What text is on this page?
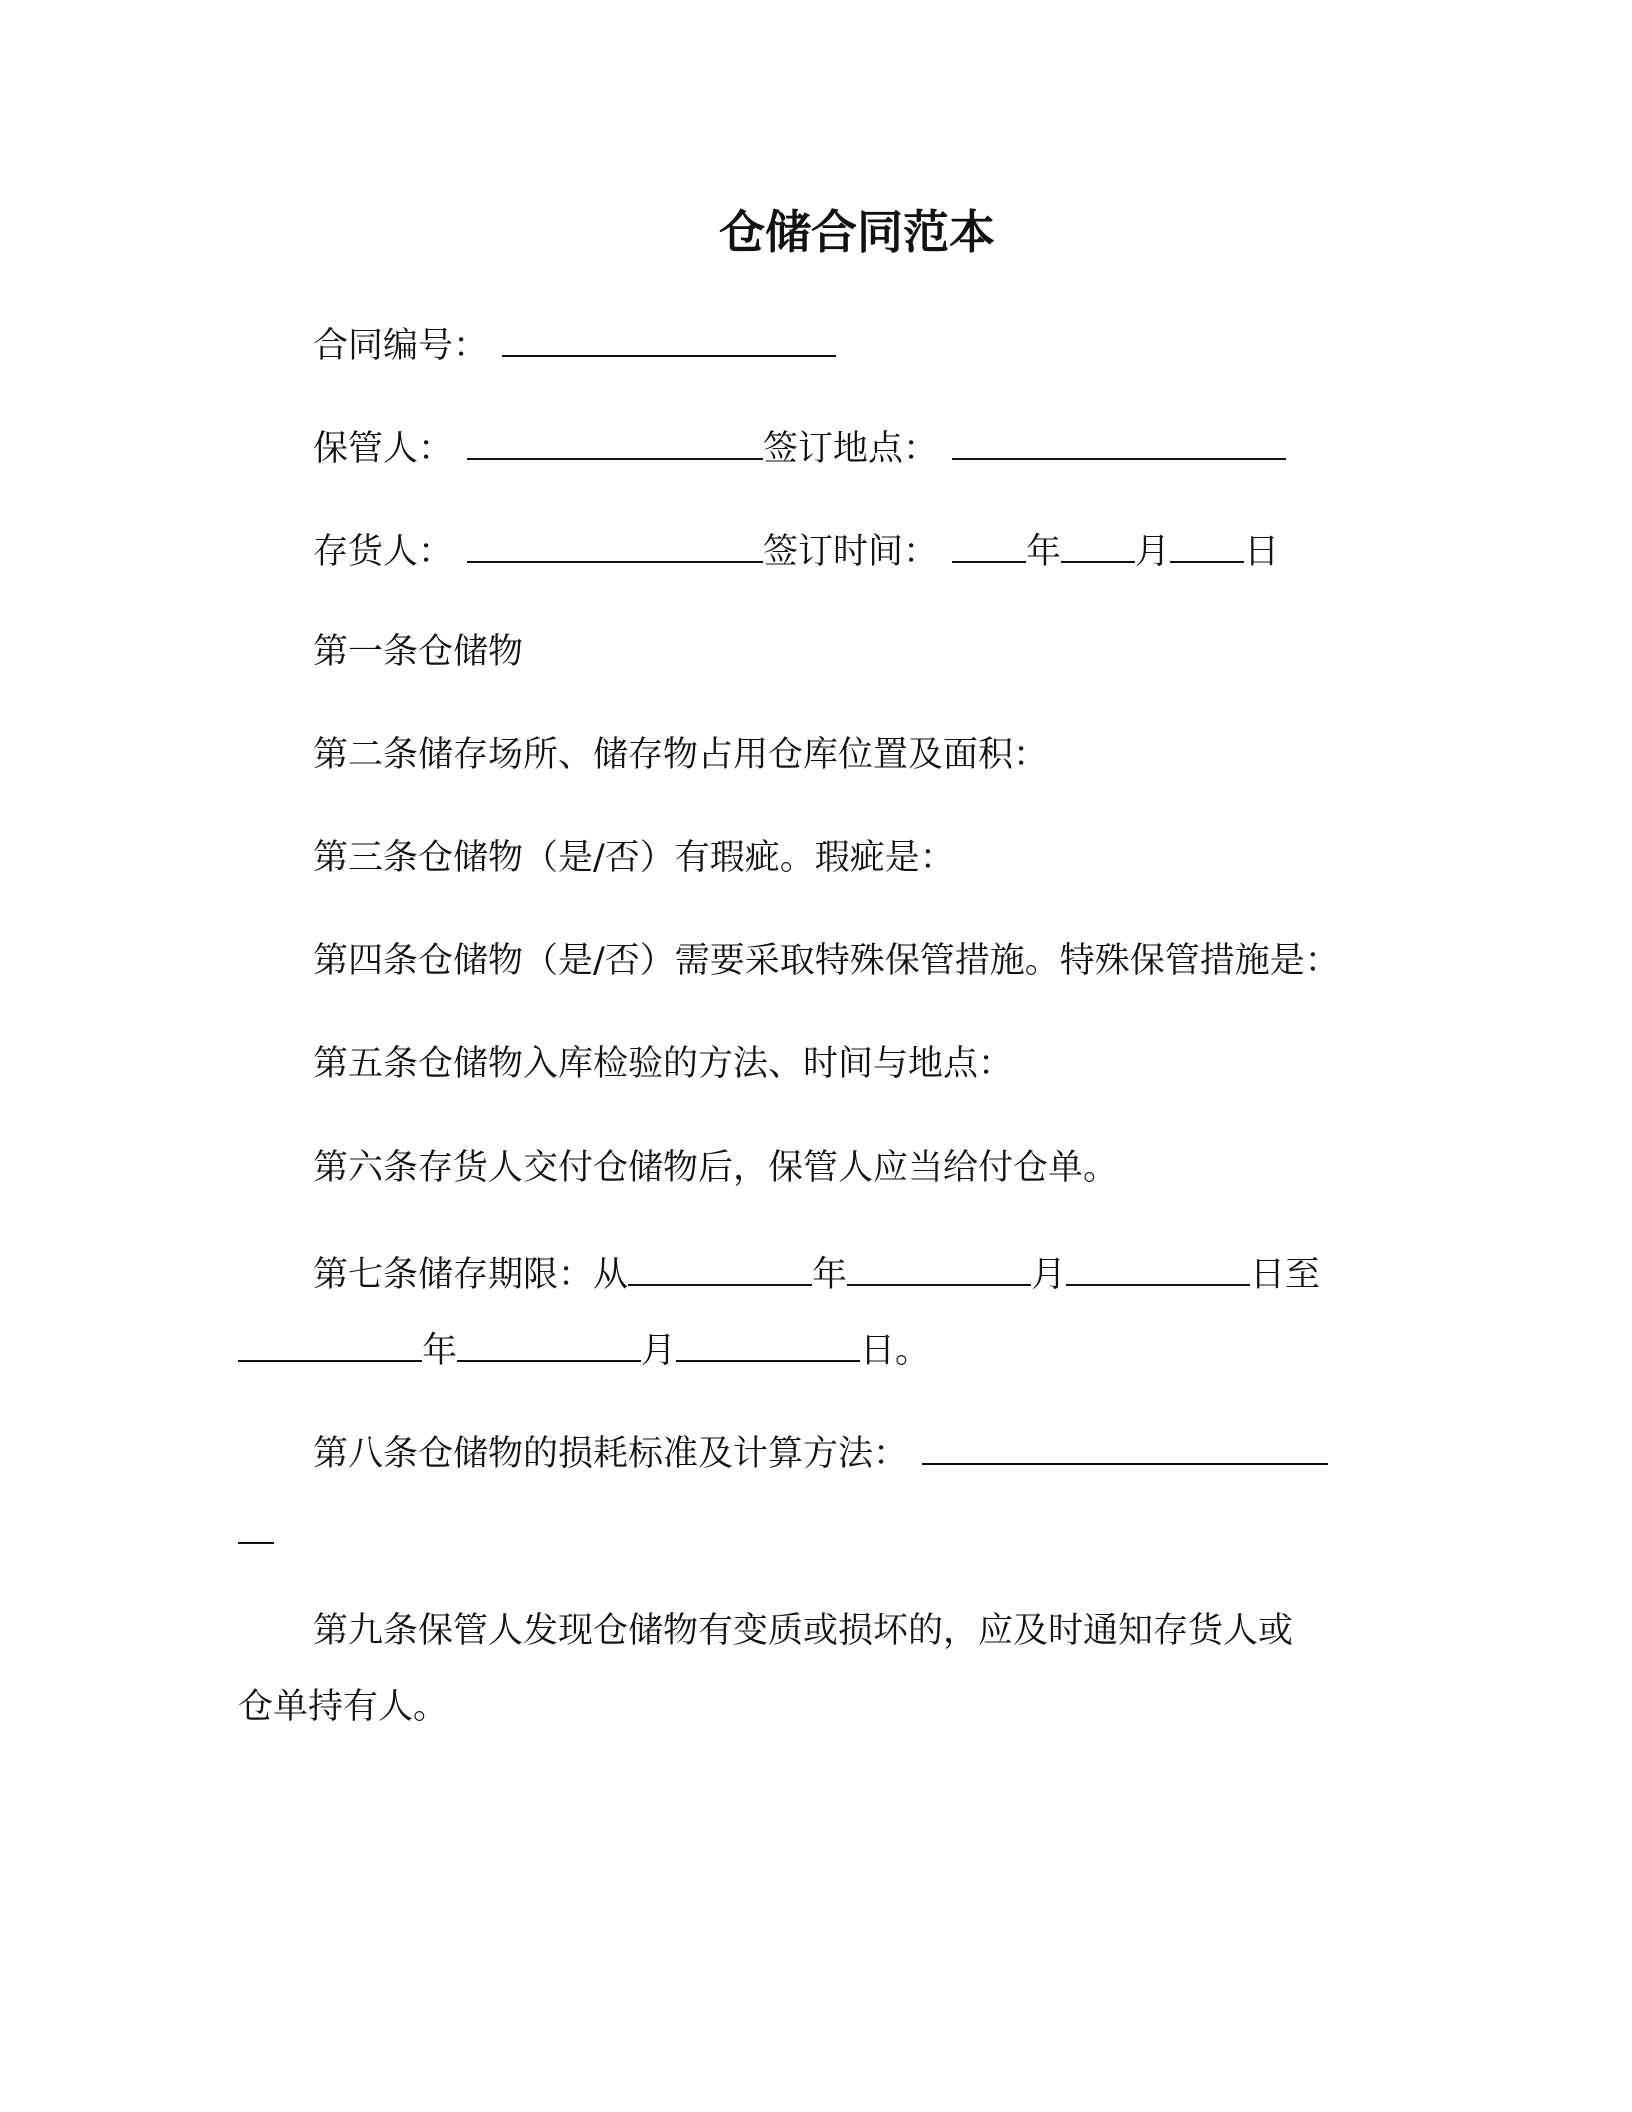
仓储合同范本
合同编号：
保管人：	签订地点：
存货人：	签订时间：	年 月 日
第一条仓储物
第二条储存场所、储存物占用仓库位置及面积：
第三条仓储物（是/否）有瑕疵。瑕疵是：
第四条仓储物（是/否）需要采取特殊保管措施。特殊保管措施是：
第五条仓储物入库检验的方法、时间与地点：
第六条存货人交付仓储物后，保管人应当给付仓单。
第七条储存期限：从	年	月	日至
年	月	日。
第八条仓储物的损耗标准及计算方法：
第九条保管人发现仓储物有变质或损坏的，应及时通知存货人或
仓单持有人。
